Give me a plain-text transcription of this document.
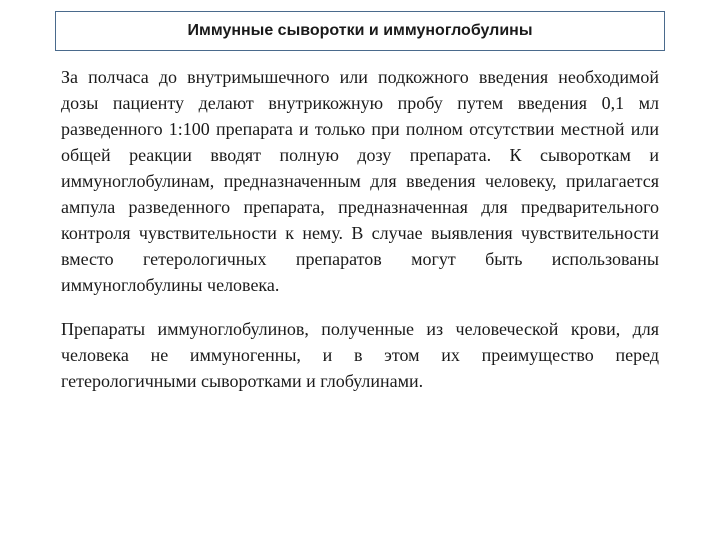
Иммунные сыворотки и иммуноглобулины

За полчаса до внутримышечного или подкожного введения необходимой дозы пациенту делают внутрикожную пробу путем введения 0,1 мл разведенного 1:100 препарата и только при полном отсутствии местной или общей реакции вводят полную дозу препарата. К сывороткам и иммуноглобулинам, предназначенным для введения человеку, прилагается ампула разведенного препарата, предназначенная для предварительного контроля чувствительности к нему. В случае выявления чувствительности вместо гетерологичных препаратов могут быть использованы иммуноглобулины человека.

Препараты иммуноглобулинов, полученные из человеческой крови, для человека не иммуногенны, и в этом их преимущество перед гетерологичными сыворотками и глобулинами.
